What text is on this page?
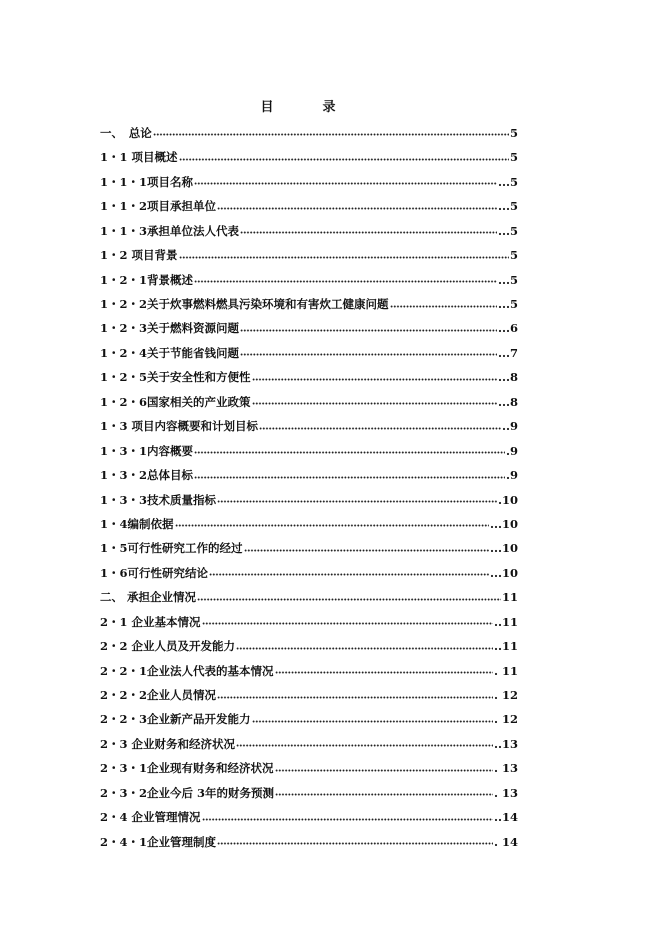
目　录
一、　总论	5
1・1 项目概述	5
1・1・1项目名称	...5
1・1・2项目承担单位	...5
1・1・3承担单位法人代表	...5
1・2 项目背景	5
1・2・1背景概述	...5
1・2・2关于炊事燃料燃具污染环境和有害炊工健康问题	...5
1・2・3关于燃料资源问题	...6
1・2・4关于节能省钱问题	...7
1・2・5关于安全性和方便性	...8
1・2・6国家相关的产业政策	...8
1・3 项目内容概要和计划目标	..9
1・3・1内容概要	.9
1・3・2总体目标	.9
1・3・3技术质量指标	.10
1・4编制依据	...10
1・5可行性研究工作的经过	...10
1・6可行性研究结论	...10
二、 承担企业情况	11
2・1 企业基本情况	..11
2・2 企业人员及开发能力	..11
2・2・1企业法人代表的基本情况	. 11
2・2・2企业人员情况	. 12
2・2・3企业新产品开发能力	. 12
2・3 企业财务和经济状况	..13
2・3・1企业现有财务和经济状况	. 13
2・3・2企业今后 3年的财务预测	. 13
2・4 企业管理情况	..14
2・4・1企业管理制度	. 14
